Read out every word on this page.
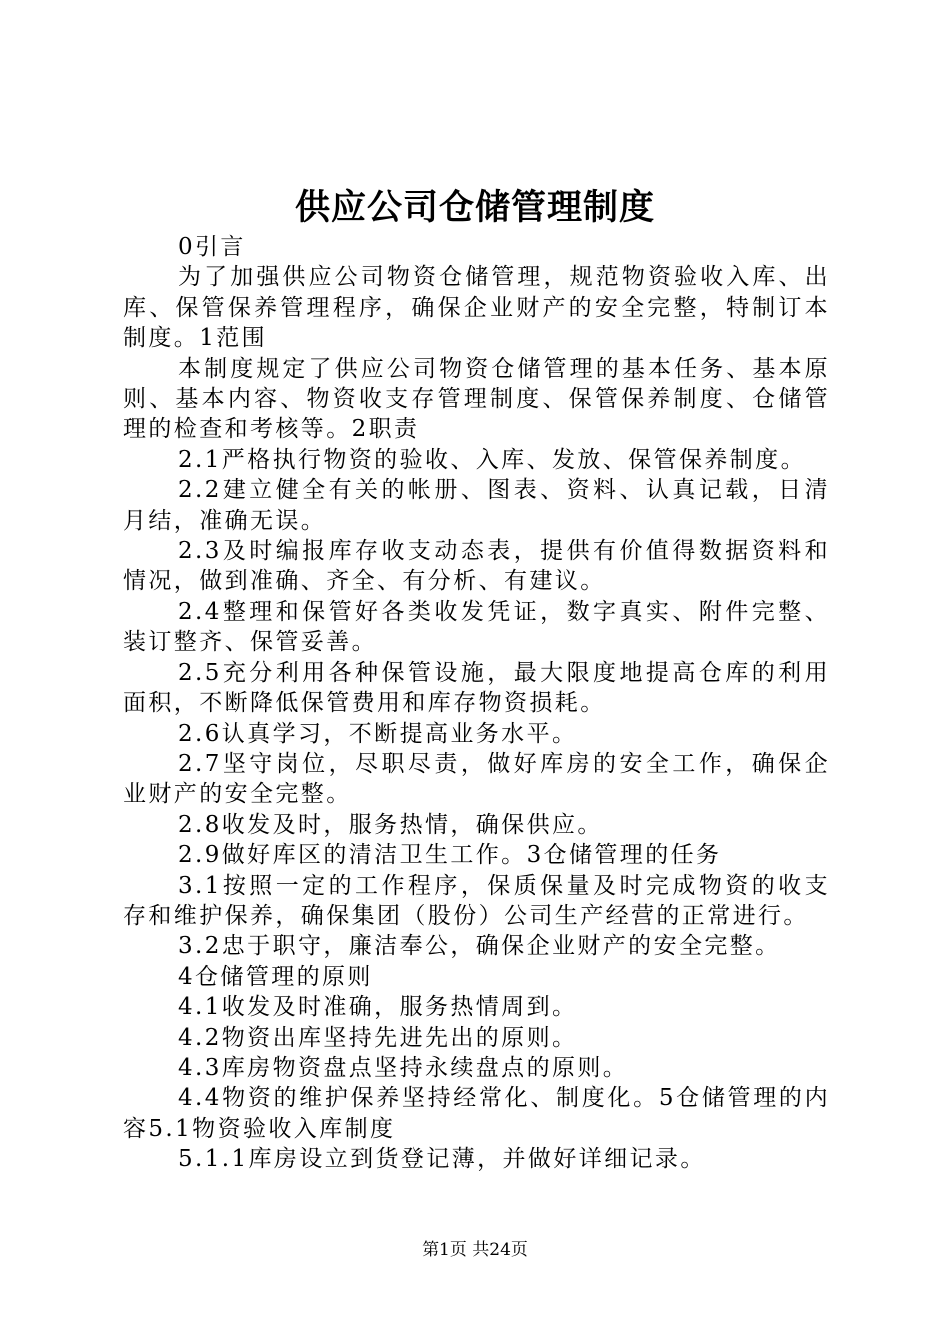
供应公司仓储管理制度

0引言

为了加强供应公司物资仓储管理，规范物资验收入库、出库、保管保养管理程序，确保企业财产的安全完整，特制订本制度。1范围

本制度规定了供应公司物资仓储管理的基本任务、基本原则、基本内容、物资收支存管理制度、保管保养制度、仓储管理的检查和考核等。2职责

2.1严格执行物资的验收、入库、发放、保管保养制度。

2.2建立健全有关的帐册、图表、资料、认真记载，日清月结，准确无误。

2.3及时编报库存收支动态表，提供有价值得数据资料和情况，做到准确、齐全、有分析、有建议。

2.4整理和保管好各类收发凭证，数字真实、附件完整、装订整齐、保管妥善。

2.5充分利用各种保管设施，最大限度地提高仓库的利用面积，不断降低保管费用和库存物资损耗。

2.6认真学习，不断提高业务水平。

2.7坚守岗位，尽职尽责，做好库房的安全工作，确保企业财产的安全完整。

2.8收发及时，服务热情，确保供应。

2.9做好库区的清洁卫生工作。3仓储管理的任务

3.1按照一定的工作程序，保质保量及时完成物资的收支存和维护保养，确保集团（股份）公司生产经营的正常进行。

3.2忠于职守，廉洁奉公，确保企业财产的安全完整。

4仓储管理的原则

4.1收发及时准确，服务热情周到。

4.2物资出库坚持先进先出的原则。

4.3库房物资盘点坚持永续盘点的原则。

4.4物资的维护保养坚持经常化、制度化。5仓储管理的内容5.1物资验收入库制度

5.1.1库房设立到货登记薄，并做好详细记录。

第1页 共24页
